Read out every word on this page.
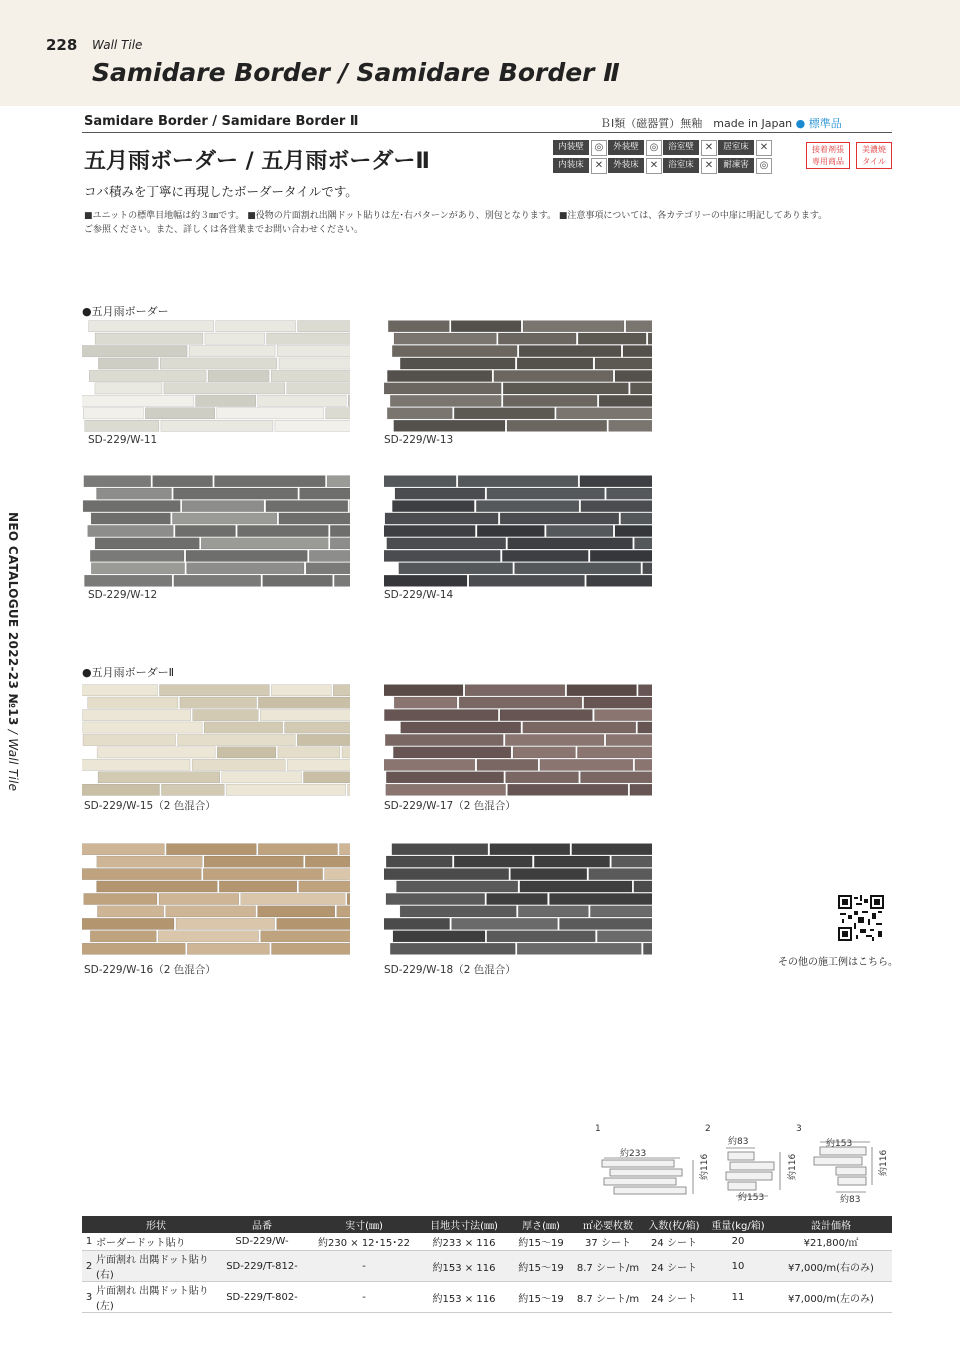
228 Wall Tile
Samidare Border / Samidare Border Ⅱ
Samidare Border / Samidare Border Ⅱ	ＢⅠ類（磁器質）無釉　made in Japan ● 標準品
五月雨ボーダー / 五月雨ボーダーⅡ
コバ積みを丁寧に再現したボーダータイルです。
■ユニットの標準目地幅は約３㎜です。 ■役物の片面割れ出隅ドット貼りは左･右パターンがあり、別包となります。 ■注意事項については、各カテゴリーの中扉に明記してあります。
ご参照ください。また、詳しくは各営業までお問い合わせください。
内装壁	◎	外装壁	◎	浴室壁	✕	居室床	✕
内装床	✕	外装床	✕	浴室床	✕	耐凍害	◎
接着剤張
専用商品
美濃焼
タイル
NEO CATALOGUE 2022-23 №13 / Wall Tile
●五月雨ボーダー
●五月雨ボーダーⅡ
SD-229/W-11	SD-229/W-13
SD-229/W-12	SD-229/W-14
SD-229/W-15（2 色混合）	SD-229/W-17（2 色混合）
SD-229/W-16（2 色混合）	SD-229/W-18（2 色混合）
その他の施工例はこちら。
1
約233	約116
2
約83
約153
約116
3
約153
約83
約116
	形状	品番	実寸(㎜)	目地共寸法(㎜)	厚さ(㎜)	㎡必要枚数	入数(枚/箱)	重量(kg/箱)	設計価格
1	ボーダードット貼り	SD-229/W-	約230 × 12･15･22	約233 × 116	約15～19	37 シート	24 シート	20	¥21,800/㎡
2	片面割れ 出隅ドット貼り(右)	SD-229/T-812-	-	約153 × 116	約15～19	8.7 シート/m	24 シート	10	¥7,000/m(右のみ)
3	片面割れ 出隅ドット貼り(左)	SD-229/T-802-	-	約153 × 116	約15～19	8.7 シート/m	24 シート	11	¥7,000/m(左のみ)
